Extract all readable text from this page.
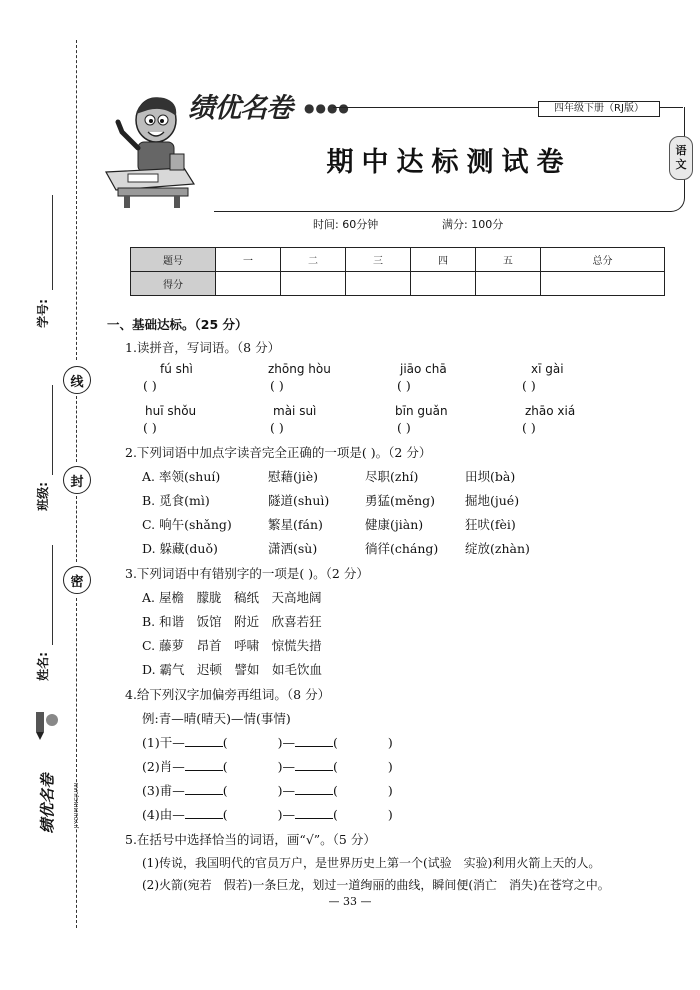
线
封
密
学号:
班级:
姓名:
绩优名卷	JIYOUMINGJUAN
绩优名卷 ●●●●	四年级下册（RJ版）
期中达标测试卷	语
文
时间: 60分钟	满分: 100分
题号	一	二	三	四	五	总分
得分						
一、基础达标。（25 分）
1.读拼音，写词语。（8 分）
fú shì	zhōng hòu	jiāo chā	xī gài
( )	( )	( )	( )
huī shǒu	mài suì	bīn guǎn	zhāo xiá
( )	( )	( )	( )
2.下列词语中加点字读音完全正确的一项是( )。（2 分）
A. 率领(shuí)	慰藉(jiè)	尽职(zhí)	田坝(bà)
B. 觅食(mì)	隧道(shuì)	勇猛(měng) 掘地(jué)
C. 响午(shǎng)	繁星(fán)	健康(jiàn)	狂吠(fèi)
D. 躲藏(duǒ)	潇洒(sù)	徜徉(cháng) 绽放(zhàn)
3.下列词语中有错别字的一项是( )。（2 分）
A. 屋檐　朦胧　稿纸　天高地阔
B. 和谐　饭馆　附近　欣喜若狂
C. 藤萝　昂首　呼啸　惊慌失措
D. 霸气　迟顿　譬如　如毛饮血
4.给下列汉字加偏旁再组词。（8 分）
例:青—晴(晴天)—情(事情)
(1)干—	(　　　　)—	(　　　　)
(2)肖—	(　　　　)—	(　　　　)
(3)甫—	(　　　　)—	(　　　　)
(4)由—	(　　　　)—	(　　　　)
5.在括号中选择恰当的词语，画“√”。（5 分）
(1)传说，我国明代的官员万户，是世界历史上第一个(试验　实验)利用火箭上天的人。
(2)火箭(宛若　假若)一条巨龙，划过一道绚丽的曲线，瞬间便(消亡　消失)在苍穹之中。
— 33 —
